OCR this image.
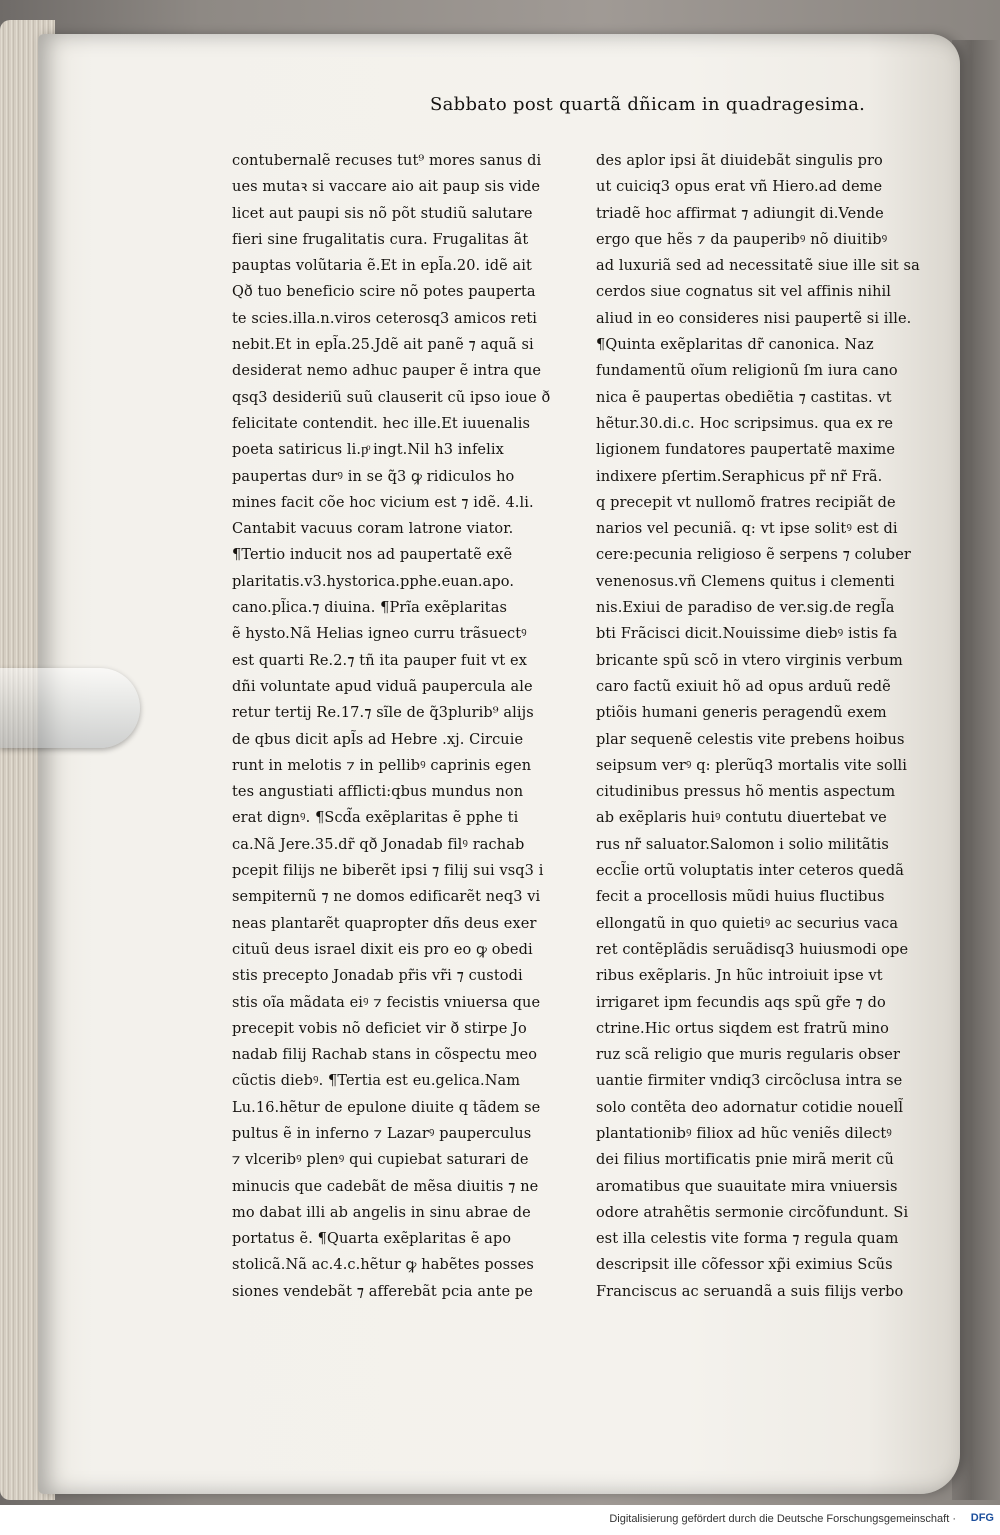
Sabbato post quartã dñicam in quadragesima.
contubernalẽ recuses tut⁹ mores sanus di
ues mutaꝛ si vaccare aio ait paup sis vide
licet aut paupi sis nõ põt studiũ salutare
fieri sine frugalitatis cura. Frugalitas ãt
pauptas volũtaria ẽ.Et in epl̃a.20. idẽ ait
Qð tuo beneficio scire nõ potes pauperta
te scies.illa.n.viros ceterosq3 amicos reti
nebit.Et in epl̃a.25.Jdẽ ait panẽ ⁊ aquã si
desiderat nemo adhuc pauper ẽ intra que
qsq3 desideriũ suũ clauserit cũ ipso ioue ð
felicitate contendit. hec ille.Et iuuenalis
poeta satiricus li.pͦ ingt.Nil h3 infelix
paupertas durꝰ in se q̃3 ꝙ ridiculos ho
mines facit cõe hoc vicium est ⁊ idẽ. 4.li.
Cantabit vacuus coram latrone viator.
¶Tertio inducit nos ad paupertatẽ exẽ
plaritatis.v3.hystorica.pphe.euan.apo.
cano.pl̃ica.⁊ diuina. ¶Prĩa exẽplaritas
ẽ hysto.Nã Helias igneo curru trãsuectꝰ
est quarti Re.2.⁊ tñ ita pauper fuit vt ex
dñi voluntate apud viduã paupercula ale
retur tertij Re.17.⁊ sĩle de q̃3plurib⁹ alijs
de qbus dicit apl̃s ad Hebre .xj. Circuie
runt in melotis ⁊ in pellibꝰ caprinis egen
tes angustiati afflicti:qbus mundus non
erat dignꝰ. ¶Scd̃a exẽplaritas ẽ pphe ti
ca.Nã Jere.35.dr̃ qð Jonadab filꝰ rachab
pcepit filijs ne biberẽt ipsi ⁊ filij sui vsq3 i
sempiternũ ⁊ ne domos edificarẽt neq3 vi
neas plantarẽt quapropter dñs deus exer
cituũ deus israel dixit eis pro eo ꝙ obedi
stis precepto Jonadab pr̃is vr̃i ⁊ custodi
stis oĩa mãdata eiꝰ ⁊ fecistis vniuersa que
precepit vobis nõ deficiet vir ð stirpe Jo
nadab filij Rachab stans in cõspectu meo
cũctis diebꝰ. ¶Tertia est eu.gelica.Nam
Lu.16.hẽtur de epulone diuite q tãdem se
pultus ẽ in inferno ⁊ Lazarꝰ pauperculus
⁊ vlceribꝰ plenꝰ qui cupiebat saturari de
minucis que cadebãt de mẽsa diuitis ⁊ ne
mo dabat illi ab angelis in sinu abrae de
portatus ẽ. ¶Quarta exẽplaritas ẽ apo
stolicã.Nã ac.4.c.hẽtur ꝙ habẽtes posses
siones vendebãt ⁊ afferebãt pcia ante pe
des aplor ipsi ãt diuidebãt singulis pro
ut cuiciq3 opus erat vñ Hiero.ad deme
triadẽ hoc affirmat ⁊ adiungit di.Vende
ergo que hẽs ⁊ da pauperibꝰ nõ diuitibꝰ
ad luxuriã sed ad necessitatẽ siue ille sit sa
cerdos siue cognatus sit vel affinis nihil
aliud in eo consideres nisi paupertẽ si ille.
¶Quinta exẽplaritas dr̃ canonica. Naz
fundamentũ oĩum religionũ ſm iura cano
nica ẽ paupertas obediẽtia ⁊ castitas. vt
hẽtur.30.di.c. Hoc scripsimus. qua ex re
ligionem fundatores paupertatẽ maxime
indixere pſertim.Seraphicus pr̃ nr̃ Frã.
q precepit vt nullomõ fratres recipiãt de
narios vel pecuniã. q: vt ipse solitꝰ est di
cere:pecunia religioso ẽ serpens ⁊ coluber
venenosus.vñ Clemens quitus i clementi
nis.Exiui de paradiso de ver.sig.de regl̃a
bti Frãcisci dicit.Nouissime diebꝰ istis fa
bricante spũ scõ in vtero virginis verbum
caro factũ exiuit hõ ad opus arduũ redẽ
ptiõis humani generis peragendũ exem
plar sequenẽ celestis vite prebens hoibus
seipsum verꝰ q: plerũq3 mortalis vite solli
citudinibus pressus hõ mentis aspectum
ab exẽplaris huiꝰ contutu diuertebat ve
rus nr̃ saluator.Salomon i solio militãtis
eccl̃ie ortũ voluptatis inter ceteros quedã
fecit a procellosis mũdi huius fluctibus
ellongatũ in quo quietiꝰ ac securius vaca
ret contẽplãdis seruãdisq3 huiusmodi ope
ribus exẽplaris. Jn hũc introiuit ipse vt
irrigaret ipm fecundis aqs spũ gr̃e ⁊ do
ctrine.Hic ortus siqdem est fratrũ mino
ruz scã religio que muris regularis obser
uantie firmiter vndiq3 circõclusa intra se
solo contẽta deo adornatur cotidie nouell̃
plantationibꝰ filiox ad hũc veniẽs dilectꝰ
dei filius mortificatis pnie mirã merit cũ
aromatibus que suauitate mira vniuersis
odore atrahẽtis sermonie circõfundunt. Si
est illa celestis vite forma ⁊ regula quam
descripsit ille cõfessor xp̃i eximius Scũs
Franciscus ac seruandã a suis filijs verbo
Digitalisierung gefördert durch die Deutsche Forschungsgemeinschaft · DFG
